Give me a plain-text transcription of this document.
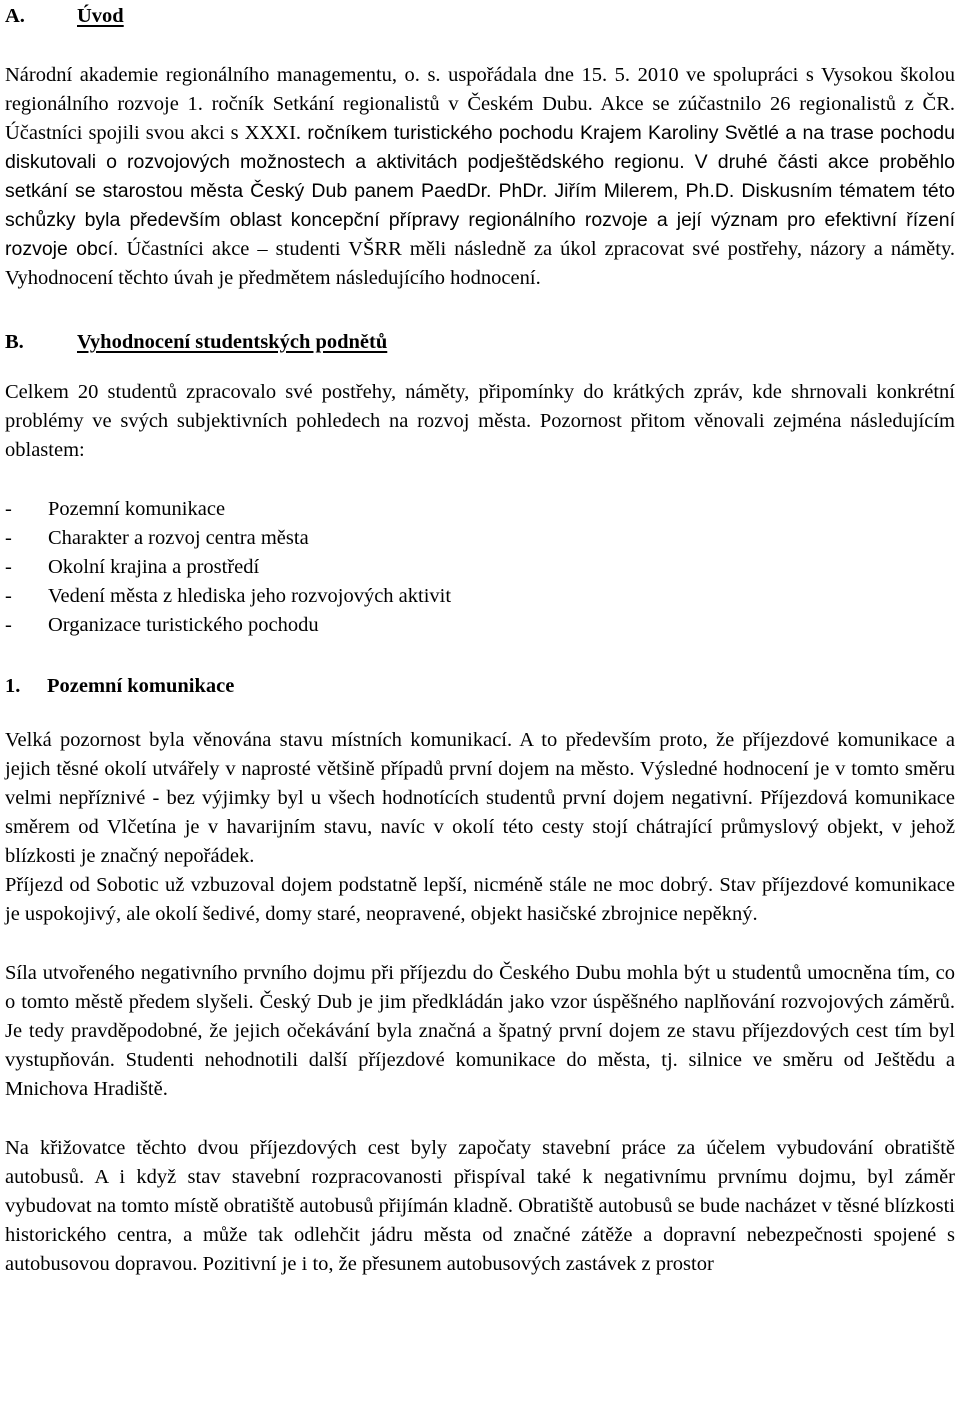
A.	Úvod

Národní akademie regionálního managementu, o. s. uspořádala dne 15. 5. 2010 ve spolupráci s Vysokou školou regionálního rozvoje 1. ročník Setkání regionalistů v Českém Dubu. Akce se zúčastnilo 26 regionalistů z ČR. Účastníci spojili svou akci s XXXI. ročníkem turistického pochodu Krajem Karoliny Světlé a na trase pochodu diskutovali o rozvojových možnostech a aktivitách podještědského regionu. V druhé části akce proběhlo setkání se starostou města Český Dub panem PaedDr. PhDr. Jiřím Milerem, Ph.D. Diskusním tématem této schůzky byla především oblast koncepční přípravy regionálního rozvoje a její význam pro efektivní řízení rozvoje obcí. Účastníci akce – studenti VŠRR měli následně za úkol zpracovat své postřehy, názory a náměty. Vyhodnocení těchto úvah je předmětem následujícího hodnocení.

B.	Vyhodnocení studentských podnětů

Celkem 20 studentů zpracovalo své postřehy, náměty, připomínky do krátkých zpráv, kde shrnovali konkrétní problémy ve svých subjektivních pohledech na rozvoj města. Pozornost přitom věnovali zejména následujícím oblastem:

- Pozemní komunikace
- Charakter a rozvoj centra města
- Okolní krajina a prostředí
- Vedení města z hlediska jeho rozvojových aktivit
- Organizace turistického pochodu
1. Pozemní komunikace

Velká pozornost byla věnována stavu místních komunikací. A to především proto, že příjezdové komunikace a jejich těsné okolí utvářely v naprosté většině případů první dojem na město. Výsledné hodnocení je v tomto směru velmi nepříznivé - bez výjimky byl u všech hodnotících studentů první dojem negativní. Příjezdová komunikace směrem od Vlčetína je v havarijním stavu, navíc v okolí této cesty stojí chátrající průmyslový objekt, v jehož blízkosti je značný nepořádek.

Příjezd od Sobotic už vzbuzoval dojem podstatně lepší, nicméně stále ne moc dobrý. Stav příjezdové komunikace je uspokojivý, ale okolí šedivé, domy staré, neopravené, objekt hasičské zbrojnice nepěkný.

Síla utvořeného negativního prvního dojmu při příjezdu do Českého Dubu mohla být u studentů umocněna tím, co o tomto městě předem slyšeli. Český Dub je jim předkládán jako vzor úspěšného naplňování rozvojových záměrů. Je tedy pravděpodobné, že jejich očekávání byla značná a špatný první dojem ze stavu příjezdových cest tím byl vystupňován. Studenti nehodnotili další příjezdové komunikace do města, tj. silnice ve směru od Ještědu a Mnichova Hradiště.

Na křižovatce těchto dvou příjezdových cest byly započaty stavební práce za účelem vybudování obratiště autobusů. A i když stav stavební rozpracovanosti přispíval také k negativnímu prvnímu dojmu, byl záměr vybudovat na tomto místě obratiště autobusů přijímán kladně. Obratiště autobusů se bude nacházet v těsné blízkosti historického centra, a může tak odlehčit jádru města od značné zátěže a dopravní nebezpečnosti spojené s autobusovou dopravou. Pozitivní je i to, že přesunem autobusových zastávek z prostor
